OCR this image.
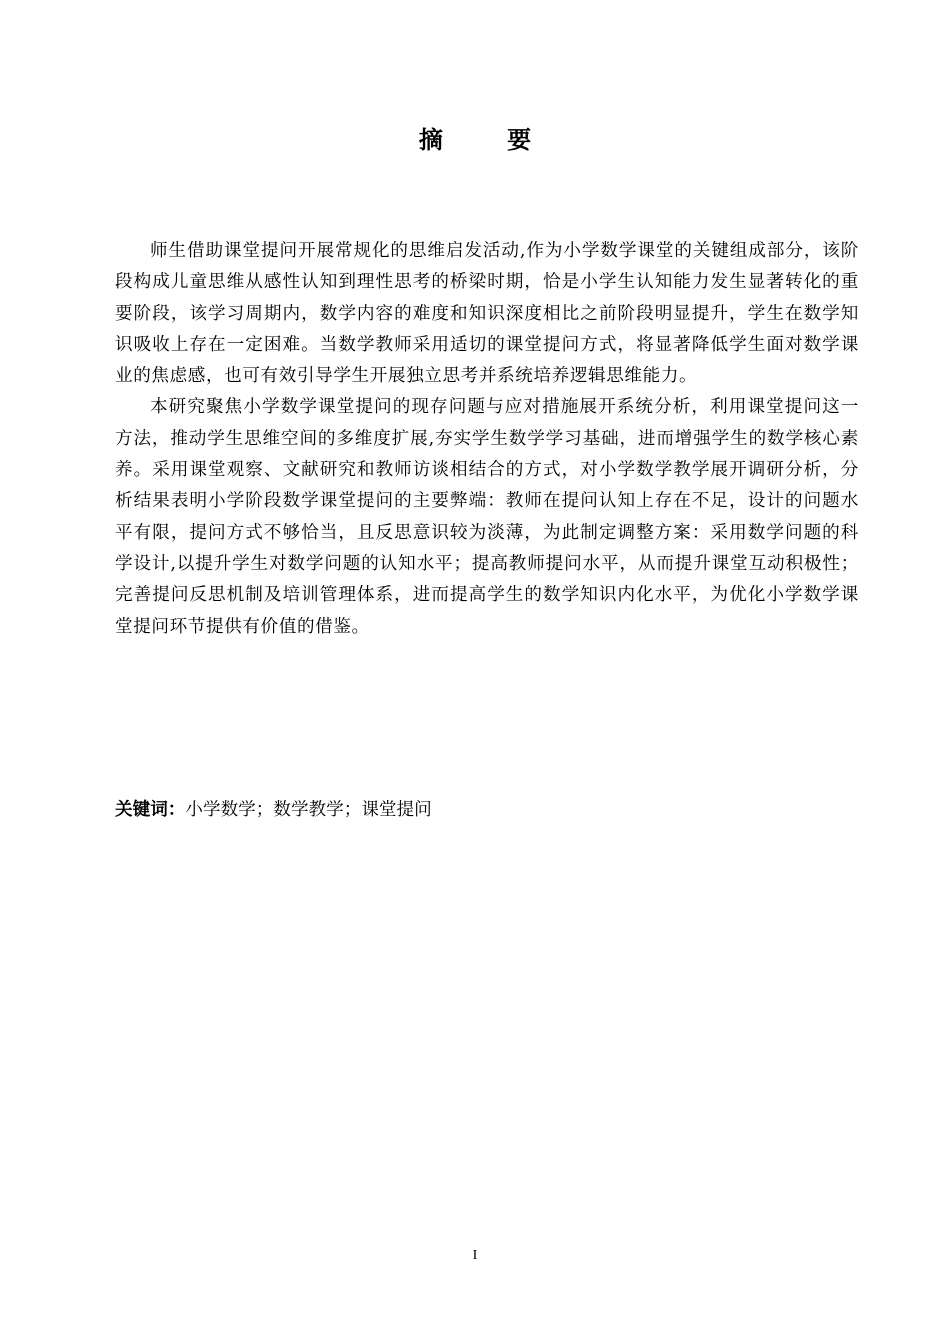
摘 要

师生借助课堂提问开展常规化的思维启发活动,作为小学数学课堂的关键组成部分，该阶段构成儿童思维从感性认知到理性思考的桥梁时期，恰是小学生认知能力发生显著转化的重要阶段，该学习周期内，数学内容的难度和知识深度相比之前阶段明显提升，学生在数学知识吸收上存在一定困难。当数学教师采用适切的课堂提问方式，将显著降低学生面对数学课业的焦虑感，也可有效引导学生开展独立思考并系统培养逻辑思维能力。

本研究聚焦小学数学课堂提问的现存问题与应对措施展开系统分析，利用课堂提问这一方法，推动学生思维空间的多维度扩展,夯实学生数学学习基础，进而增强学生的数学核心素养。采用课堂观察、文献研究和教师访谈相结合的方式，对小学数学教学展开调研分析，分析结果表明小学阶段数学课堂提问的主要弊端：教师在提问认知上存在不足，设计的问题水平有限，提问方式不够恰当，且反思意识较为淡薄，为此制定调整方案：采用数学问题的科学设计,以提升学生对数学问题的认知水平；提高教师提问水平，从而提升课堂互动积极性；完善提问反思机制及培训管理体系，进而提高学生的数学知识内化水平，为优化小学数学课堂提问环节提供有价值的借鉴。

关键词：小学数学；数学教学；课堂提问
I
